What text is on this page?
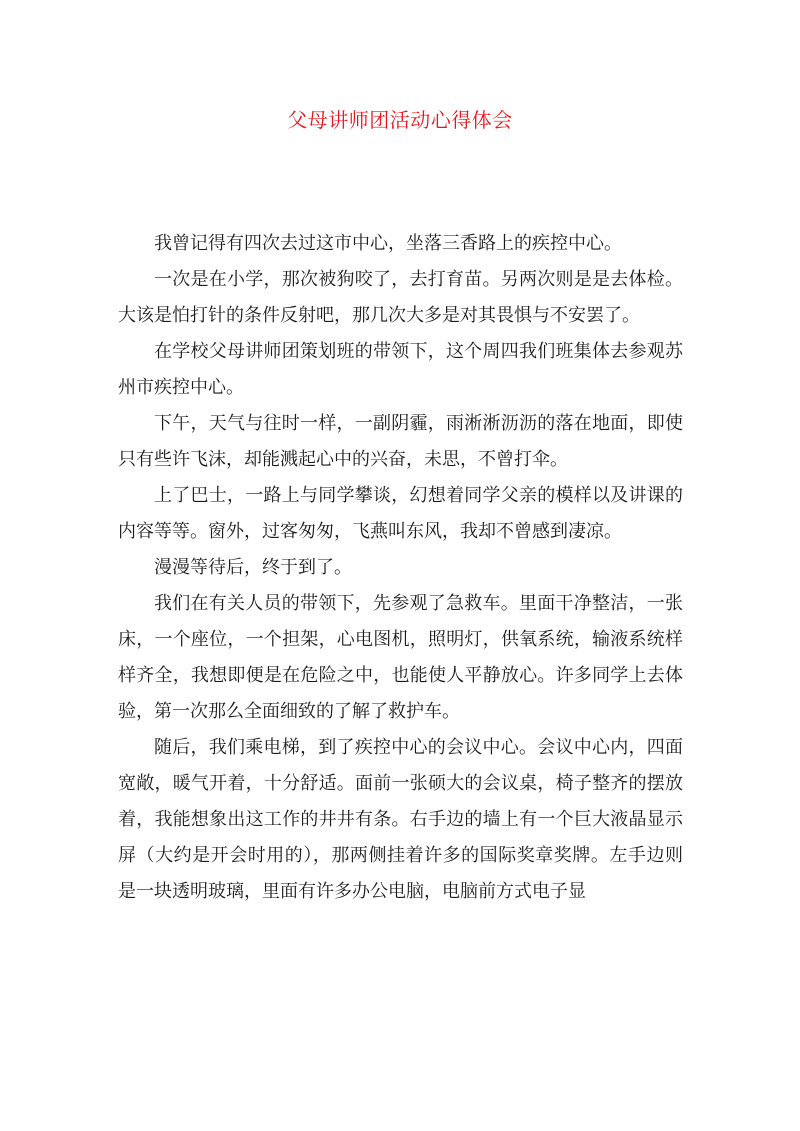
父母讲师团活动心得体会

我曾记得有四次去过这市中心，坐落三香路上的疾控中心。

一次是在小学，那次被狗咬了，去打育苗。另两次则是是去体检。大该是怕打针的条件反射吧，那几次大多是对其畏惧与不安罢了。

在学校父母讲师团策划班的带领下，这个周四我们班集体去参观苏州市疾控中心。

下午，天气与往时一样，一副阴霾，雨淅淅沥沥的落在地面，即使只有些许飞沫，却能溅起心中的兴奋，未思，不曾打伞。

上了巴士，一路上与同学攀谈，幻想着同学父亲的模样以及讲课的内容等等。窗外，过客匆匆，飞燕叫东风，我却不曾感到凄凉。

漫漫等待后，终于到了。

我们在有关人员的带领下，先参观了急救车。里面干净整洁，一张床，一个座位，一个担架，心电图机，照明灯，供氧系统，输液系统样样齐全，我想即便是在危险之中，也能使人平静放心。许多同学上去体验，第一次那么全面细致的了解了救护车。

随后，我们乘电梯，到了疾控中心的会议中心。会议中心内，四面宽敞，暖气开着，十分舒适。面前一张硕大的会议桌，椅子整齐的摆放着，我能想象出这工作的井井有条。右手边的墙上有一个巨大液晶显示屏（大约是开会时用的），那两侧挂着许多的国际奖章奖牌。左手边则是一块透明玻璃，里面有许多办公电脑，电脑前方式电子显
